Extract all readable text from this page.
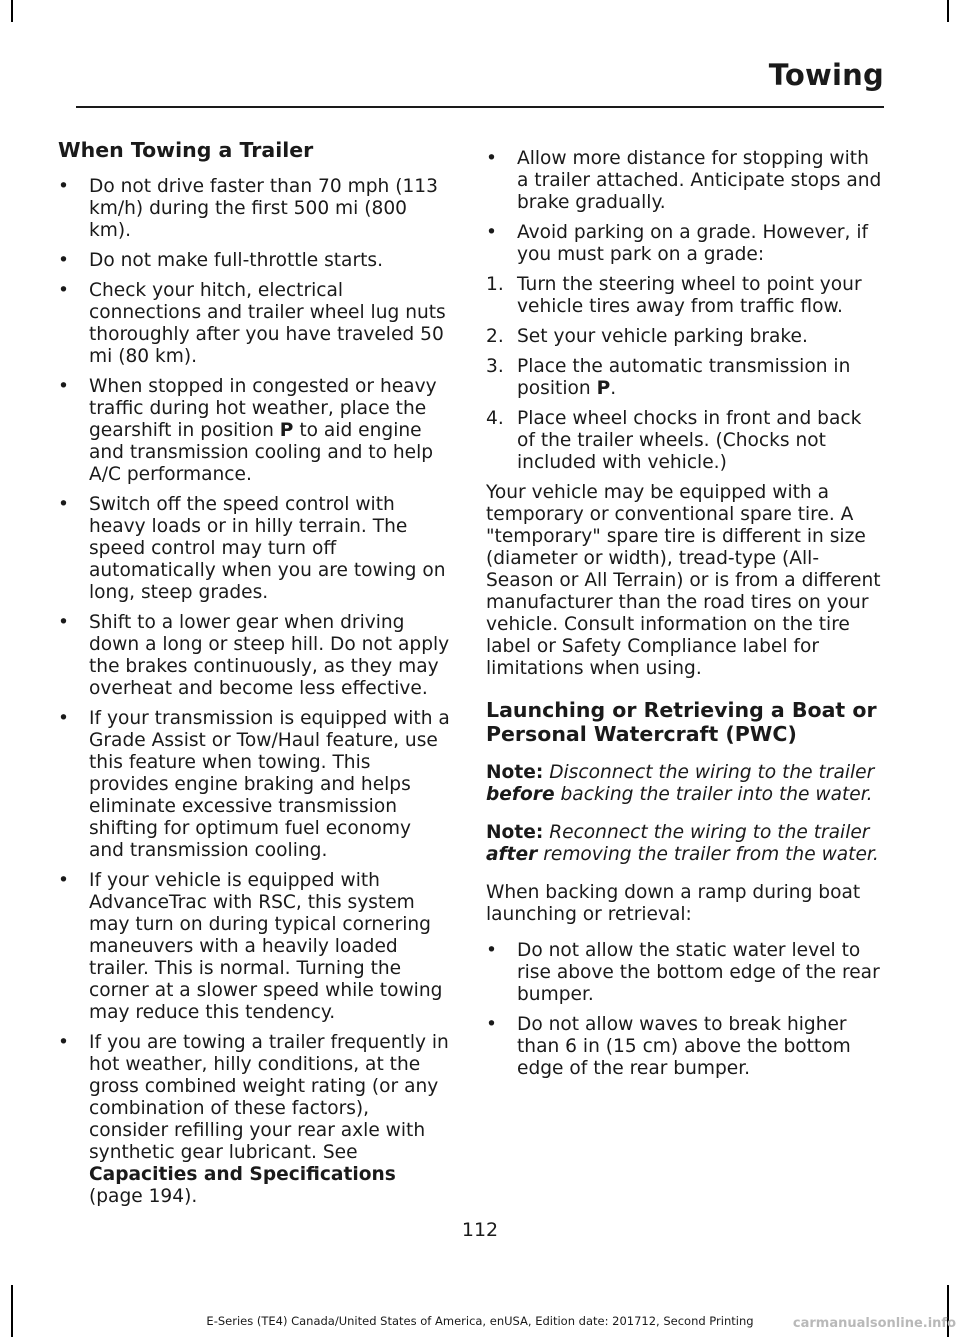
Towing
When Towing a Trailer
• Do not drive faster than 70 mph (113 km/h) during the first 500 mi (800 km).
• Do not make full-throttle starts.
• Check your hitch, electrical connections and trailer wheel lug nuts thoroughly after you have traveled 50 mi (80 km).
• When stopped in congested or heavy traffic during hot weather, place the gearshift in position P to aid engine and transmission cooling and to help A/C performance.
• Switch off the speed control with heavy loads or in hilly terrain. The speed control may turn off automatically when you are towing on long, steep grades.
• Shift to a lower gear when driving down a long or steep hill. Do not apply the brakes continuously, as they may overheat and become less effective.
• If your transmission is equipped with a Grade Assist or Tow/Haul feature, use this feature when towing. This provides engine braking and helps eliminate excessive transmission shifting for optimum fuel economy and transmission cooling.
• If your vehicle is equipped with AdvanceTrac with RSC, this system may turn on during typical cornering maneuvers with a heavily loaded trailer. This is normal. Turning the corner at a slower speed while towing may reduce this tendency.
• If you are towing a trailer frequently in hot weather, hilly conditions, at the gross combined weight rating (or any combination of these factors), consider refilling your rear axle with synthetic gear lubricant. See Capacities and Specifications (page 194).
• Allow more distance for stopping with a trailer attached. Anticipate stops and brake gradually.
• Avoid parking on a grade. However, if you must park on a grade:
1. Turn the steering wheel to point your vehicle tires away from traffic flow.
2. Set your vehicle parking brake.
3. Place the automatic transmission in position P.
4. Place wheel chocks in front and back of the trailer wheels. (Chocks not included with vehicle.)

Your vehicle may be equipped with a temporary or conventional spare tire. A "temporary" spare tire is different in size (diameter or width), tread-type (All-Season or All Terrain) or is from a different manufacturer than the road tires on your vehicle. Consult information on the tire label or Safety Compliance label for limitations when using.

Launching or Retrieving a Boat or Personal Watercraft (PWC)

Note: Disconnect the wiring to the trailer before backing the trailer into the water.

Note: Reconnect the wiring to the trailer after removing the trailer from the water.

When backing down a ramp during boat launching or retrieval:

• Do not allow the static water level to rise above the bottom edge of the rear bumper.
• Do not allow waves to break higher than 6 in (15 cm) above the bottom edge of the rear bumper.
112
E-Series (TE4) Canada/United States of America, enUSA, Edition date: 201712, Second Printing	carmanualsonline.info
